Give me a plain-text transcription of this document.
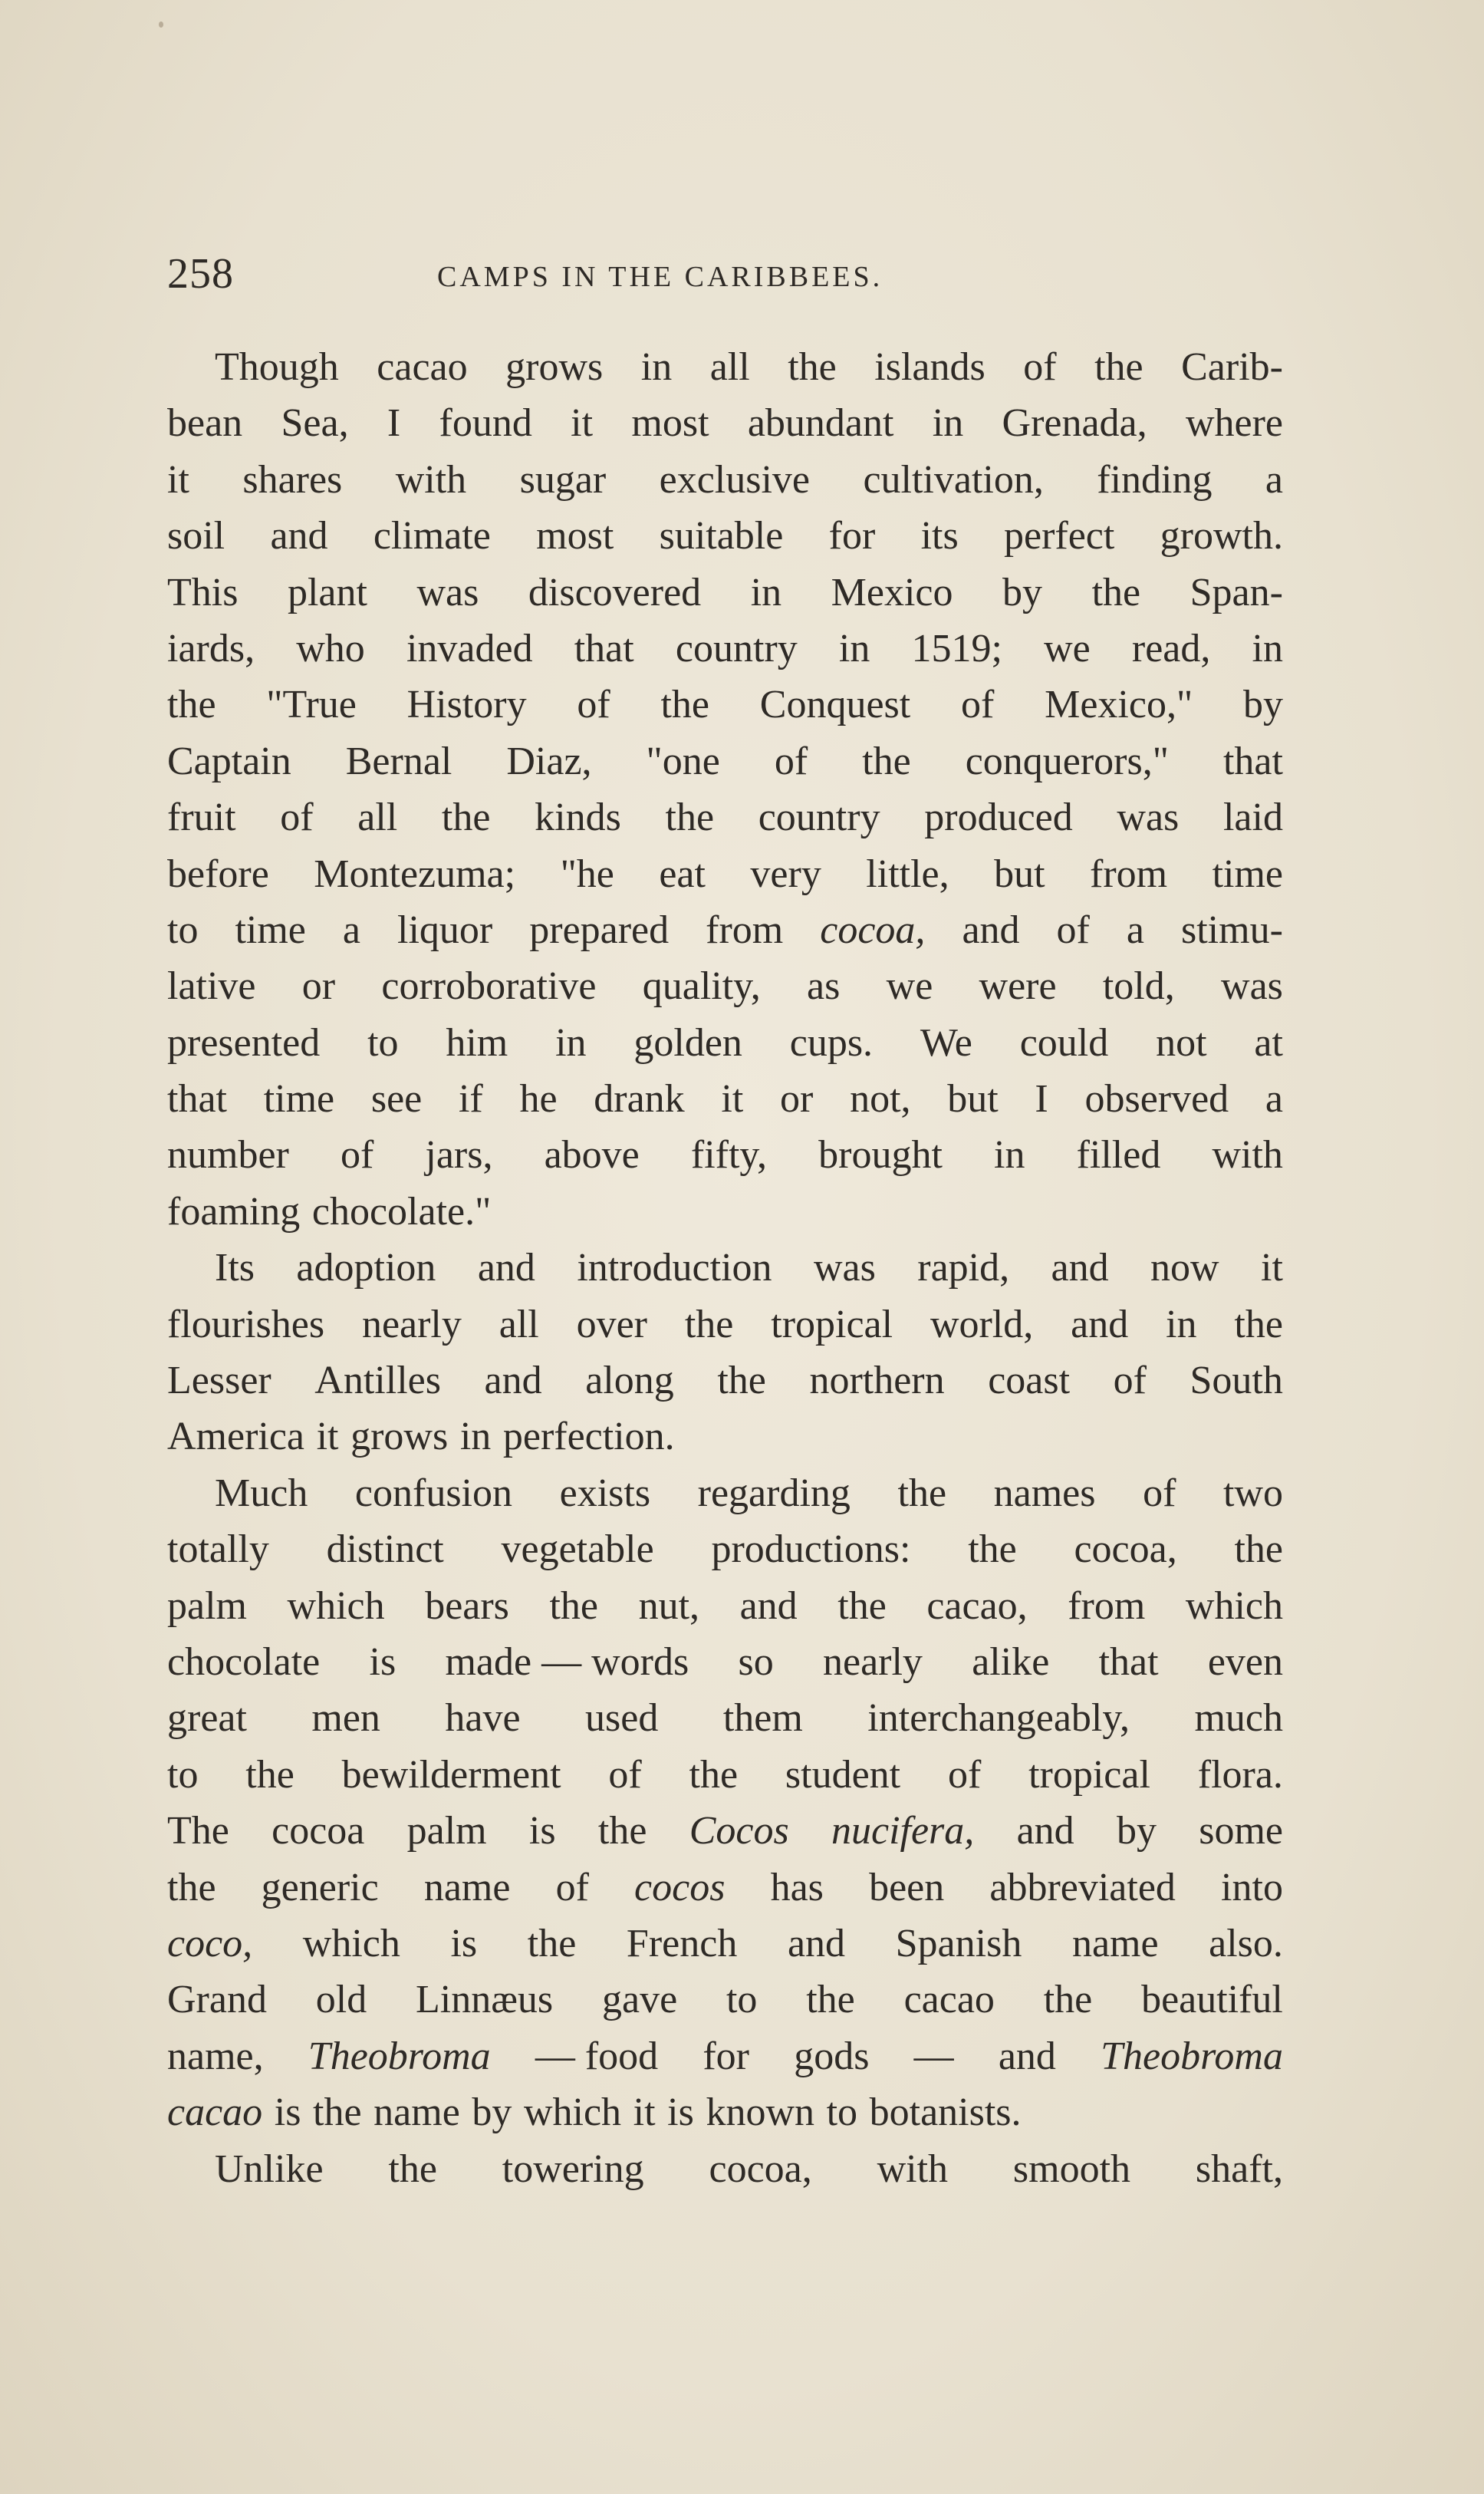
258	CAMPS IN THE CARIBBEES.
Though cacao grows in all the islands of the Carib-
bean Sea, I found it most abundant in Grenada, where
it shares with sugar exclusive cultivation, finding a
soil and climate most suitable for its perfect growth.
This plant was discovered in Mexico by the Span-
iards, who invaded that country in 1519; we read, in
the "True History of the Conquest of Mexico," by
Captain Bernal Diaz, "one of the conquerors," that
fruit of all the kinds the country produced was laid
before Montezuma; "he eat very little, but from time
to time a liquor prepared from cocoa, and of a stimu-
lative or corroborative quality, as we were told, was
presented to him in golden cups. We could not at
that time see if he drank it or not, but I observed a
number of jars, above fifty, brought in filled with
foaming chocolate."
Its adoption and introduction was rapid, and now it
flourishes nearly all over the tropical world, and in the
Lesser Antilles and along the northern coast of South
America it grows in perfection.
Much confusion exists regarding the names of two
totally distinct vegetable productions: the cocoa, the
palm which bears the nut, and the cacao, from which
chocolate is made — words so nearly alike that even
great men have used them interchangeably, much
to the bewilderment of the student of tropical flora.
The cocoa palm is the Cocos nucifera, and by some
the generic name of cocos has been abbreviated into
coco, which is the French and Spanish name also.
Grand old Linnæus gave to the cacao the beautiful
name, Theobroma — food for gods — and Theobroma
cacao is the name by which it is known to botanists.
Unlike the towering cocoa, with smooth shaft,
